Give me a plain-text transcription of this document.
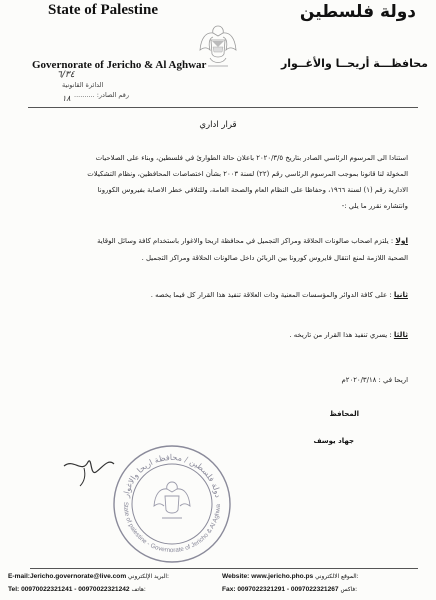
State of Palestine	دولة فلسطين
Governorate of Jericho & Al Aghwar	محافظـــة أريحــا والأغــوار
٦/٣٤
الدائرة القانونية
رقم الصادر: ..........
١٨
قرار اداري
استنادا الى المرسوم الرئاسي الصادر بتاريخ ٢٠٢٠/٣/٥ باعلان حالة الطوارئ في فلسطين، وبناء على الصلاحيات
المخولة لنا قانونا بموجب المرسوم الرئاسي رقم (٢٢) لسنة ٢٠٠٣ بشأن اختصاصات المحافظين، ونظام التشكيلات
الادارية رقم (١) لسنة ١٩٦٦، وحفاظا على النظام العام والصحة العامة، وللتلافي خطر الاصابة بفيروس الكورونا
وانتشاره نقرر ما يلي :-
اولا : يلتزم اصحاب صالونات الحلاقة ومراكز التجميل في محافظة اريحا والاغوار باستخدام كافة وسائل الوقاية
الصحية اللازمة لمنع انتقال فايروس كورونا بين الزبائن داخل صالونات الحلاقة ومراكز التجميل .
ثانيا : على كافة الدوائر والمؤسسات المعنية وذات العلاقة تنفيذ هذا القرار كل فيما يخصه .
ثالثا : يسري تنفيذ هذا القرار من تاريخه .
اريحا في : ٢٠٢٠/٣/١٨م
المحافظ
جهاد يوسف
دولة فلسطين / محافظة اريحا والاغوار
State of palestine - Governorate of Jericho & Al Aghwa
E-mail:Jericho.governorate@live.com البريد الإلكتروني:
Tel: 00970022321241 - 00970022321242 هاتف:
Website: www.jericho.pho.ps الموقع الالكتروني:
Fax: 0097022321291 - 0097022321267 فاكس:
